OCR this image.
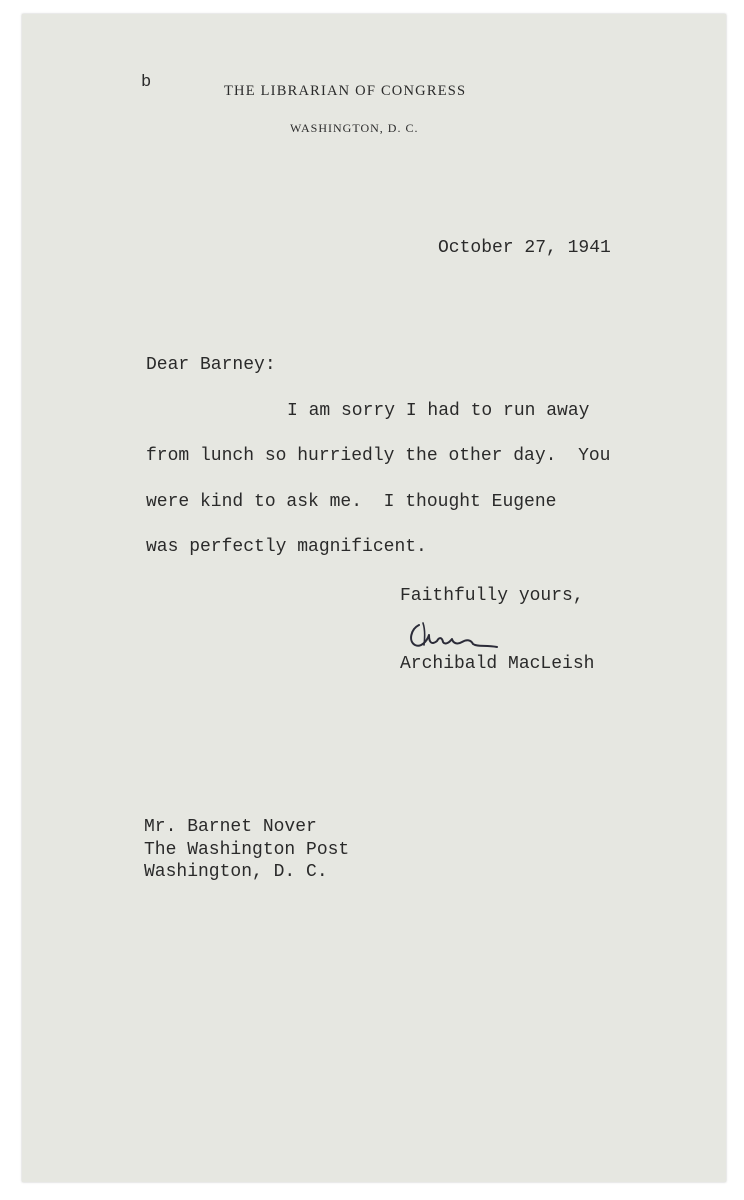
b	THE LIBRARIAN OF CONGRESS
WASHINGTON, D. C.
October 27, 1941
Dear Barney:
I am sorry I had to run away
from lunch so hurriedly the other day.  You
were kind to ask me.  I thought Eugene
was perfectly magnificent.
Faithfully yours,
Archibald MacLeish
Mr. Barnet Nover
The Washington Post
Washington, D. C.
